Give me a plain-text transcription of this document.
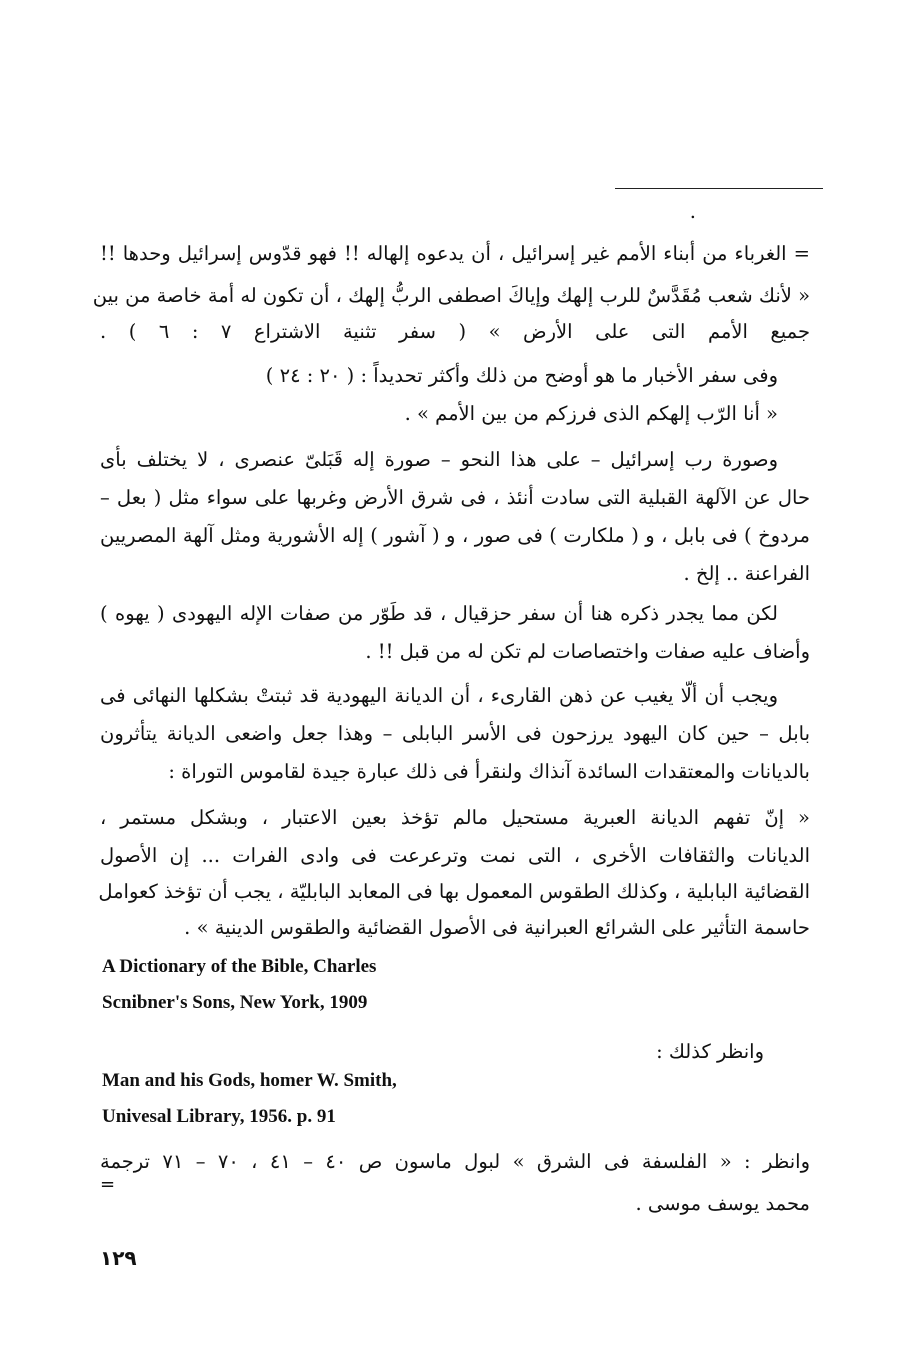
.
= الغرباء من أبناء الأمم غير إسرائيل ، أن يدعوه إلهاله !! فهو قدّوس إسرائيل وحدها !!
« لأنك شعب مُقَدَّسٌ للرب إلهك وإياكَ اصطفى الربُّ إلهك ، أن تكون له أمة خاصة من بين
جميع الأمم التى على الأرض » ( سفر تثنية الاشتراع ٧ : ٦ ) .
وفى سفر الأخبار ما هو أوضح من ذلك وأكثر تحديداً : ( ٢٠ : ٢٤ )
« أنا الرّب إلهكم الذى فرزكم من بين الأمم » .
وصورة رب إسرائيل – على هذا النحو – صورة إله قَبَلىّ عنصرى ، لا يختلف بأى
حال عن الآلهة القبلية التى سادت أنئذ ، فى شرق الأرض وغربها على سواء مثل ( بعل –
مردوخ ) فى بابل ، و ( ملكارت ) فى صور ، و ( آشور ) إله الأشورية ومثل آلهة المصريين
الفراعنة .. إلخ .
لكن مما يجدر ذكره هنا أن سفر حزقيال ، قد طَوّر من صفات الإله اليهودى ( يهوه )
وأضاف عليه صفات واختصاصات لم تكن له من قبل !! .
ويجب أن ألّا يغيب عن ذهن القارىء ، أن الديانة اليهودية قد ثبتتْ بشكلها النهائى فى
بابل – حين كان اليهود يرزحون فى الأسر البابلى – وهذا جعل واضعى الديانة يتأثرون
بالديانات والمعتقدات السائدة آنذاك ولنقرأ فى ذلك عبارة جيدة لقاموس التوراة :
« إنّ تفهم الديانة العبرية مستحيل مالم تؤخذ بعين الاعتبار ، وبشكل مستمر ،
الديانات والثقافات الأخرى ، التى نمت وترعرعت فى وادى الفرات ... إن الأصول
القضائية البابلية ، وكذلك الطقوس المعمول بها فى المعابد البابليّة ، يجب أن تؤخذ كعوامل
حاسمة التأثير على الشرائع العبرانية فى الأصول القضائية والطقوس الدينية » .
A Dictionary of the Bible, Charles
Scnibner's Sons, New York, 1909
وانظر كذلك :
Man and his Gods, homer W. Smith,
Univesal Library, 1956. p. 91
وانظر : « الفلسفة فى الشرق » لبول ماسون ص ٤٠ – ٤١ ، ٧٠ – ٧١ ترجمة
=
محمد يوسف موسى .
١٢٩
